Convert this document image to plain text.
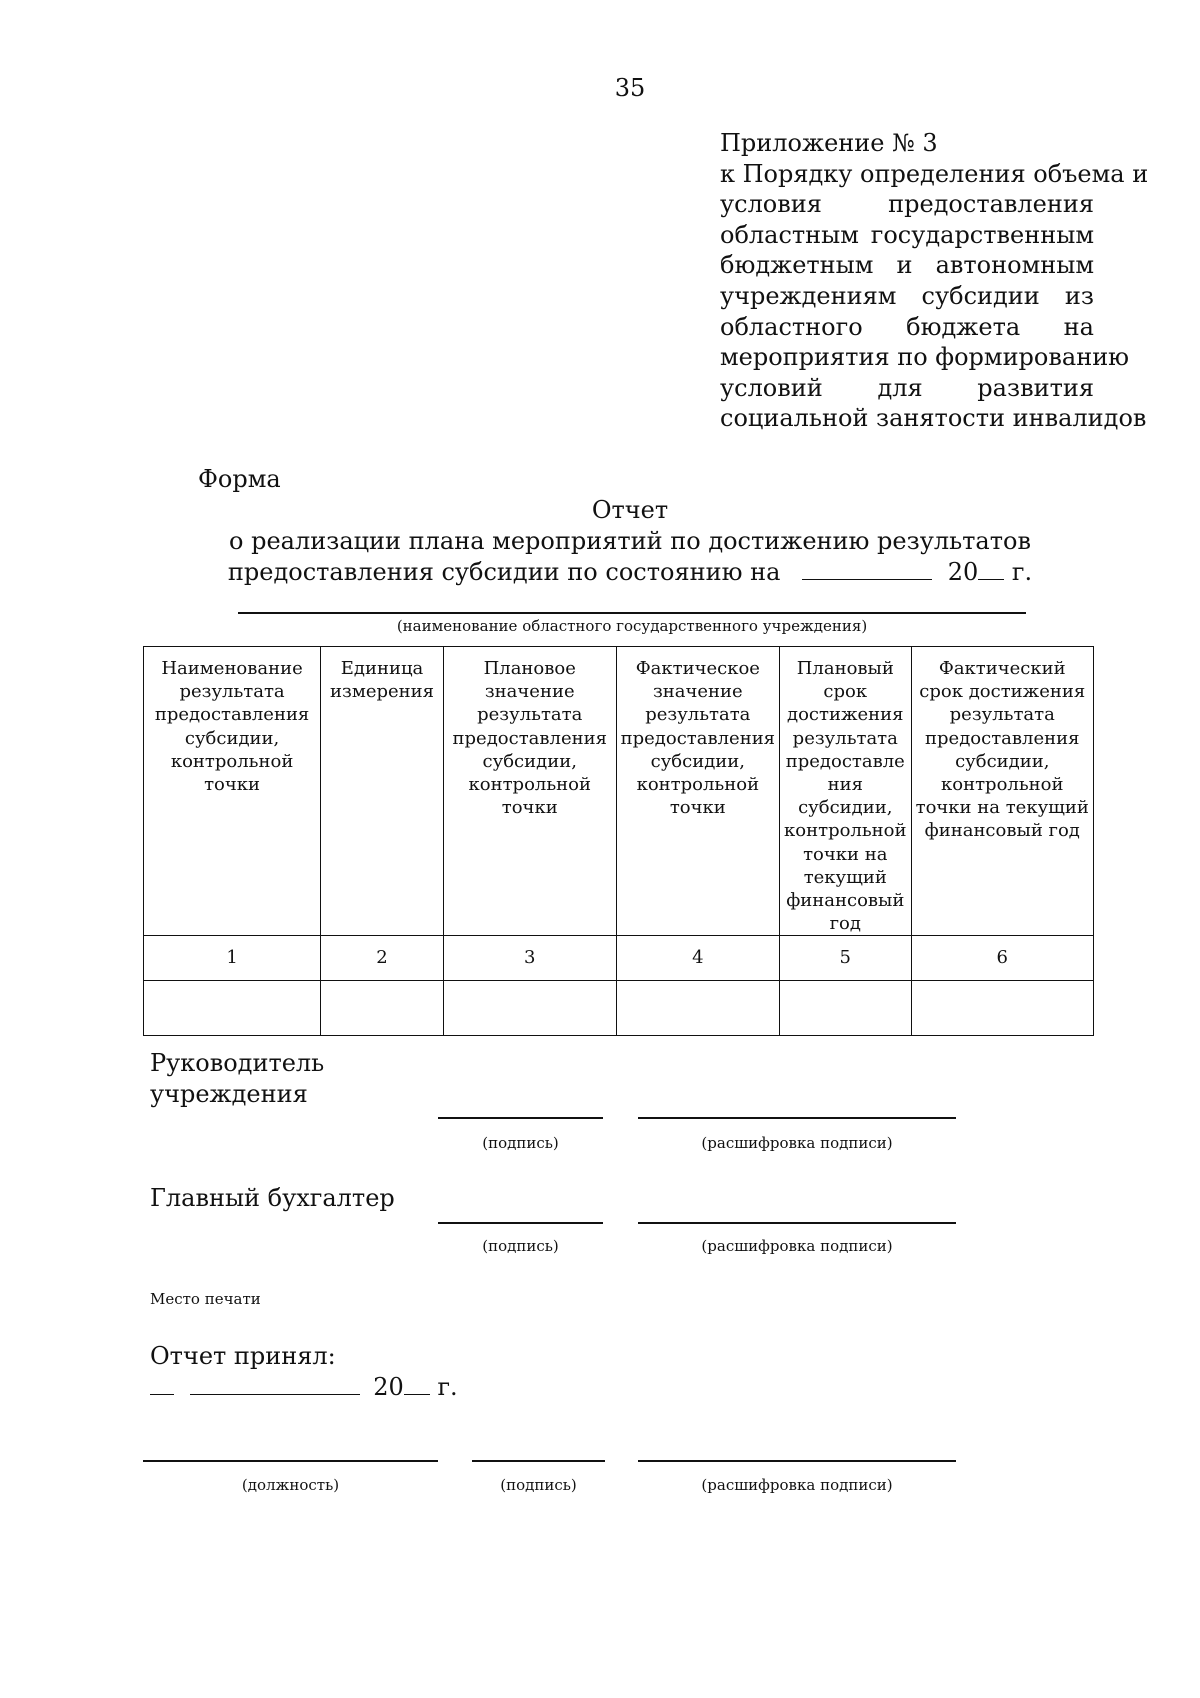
35
Приложение № 3
к Порядку определения объема и
условия предоставления
областным государственным
бюджетным и автономным
учреждениям субсидии из
областного бюджета на
мероприятия по формированию
условий для развития
социальной занятости инвалидов
Форма
Отчет
о реализации плана мероприятий по достижению результатов
предоставления субсидии по состоянию на	20 г.
(наименование областного государственного учреждения)
Наименование результата предоставления субсидии, контрольной точки	Единица измерения	Плановое значение результата предоставления субсидии, контрольной точки	Фактическое значение результата предоставления субсидии, контрольной точки	Плановый срок достижения результата предоставле ния субсидии, контрольной точки на текущий финансовый год	Фактический срок достижения результата предоставления субсидии, контрольной точки на текущий финансовый год
1	2	3	4	5	6

Руководитель
учреждения
(подпись)	(расшифровка подписи)
Главный бухгалтер
(подпись)	(расшифровка подписи)
Место печати
Отчет принял:
20 г.
(должность)	(подпись)	(расшифровка подписи)
